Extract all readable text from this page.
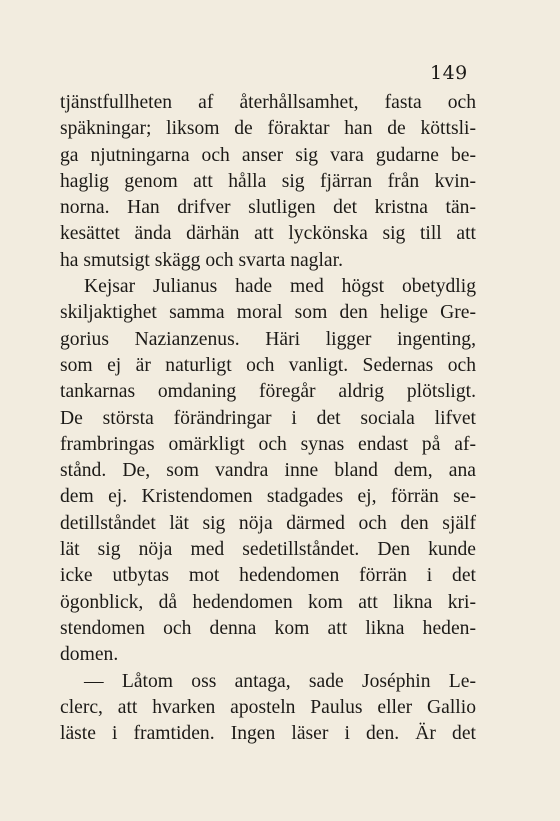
149
tjänstfullheten af återhållsamhet, fasta och
späkningar; liksom de föraktar han de köttsli-
ga njutningarna och anser sig vara gudarne be-
haglig genom att hålla sig fjärran från kvin-
norna. Han drifver slutligen det kristna tän-
kesättet ända därhän att lyckönska sig till att
ha smutsigt skägg och svarta naglar.
Kejsar Julianus hade med högst obetydlig
skiljaktighet samma moral som den helige Gre-
gorius Nazianzenus. Häri ligger ingenting,
som ej är naturligt och vanligt. Sedernas och
tankarnas omdaning föregår aldrig plötsligt.
De största förändringar i det sociala lifvet
frambringas omärkligt och synas endast på af-
stånd. De, som vandra inne bland dem, ana
dem ej. Kristendomen stadgades ej, förrän se-
detillståndet lät sig nöja därmed och den själf
lät sig nöja med sedetillståndet. Den kunde
icke utbytas mot hedendomen förrän i det
ögonblick, då hedendomen kom att likna kri-
stendomen och denna kom att likna heden-
domen.
— Låtom oss antaga, sade Joséphin Le-
clerc, att hvarken aposteln Paulus eller Gallio
läste i framtiden. Ingen läser i den. Är det
